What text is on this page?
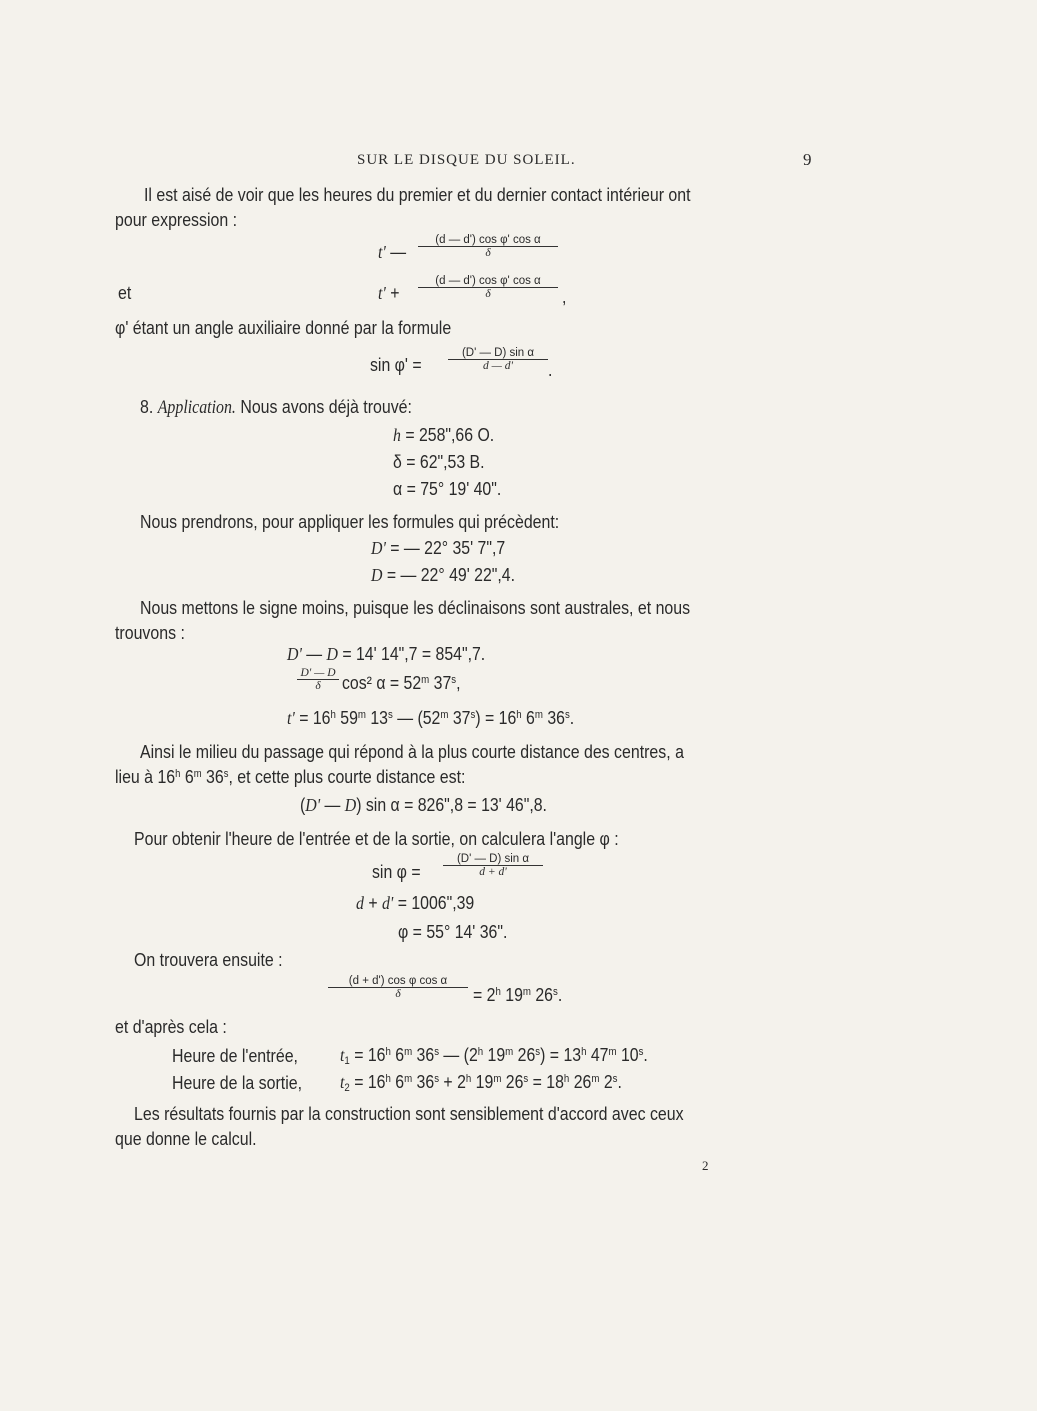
SUR LE DISQUE DU SOLEIL.	9
Il est aisé de voir que les heures du premier et du dernier contact intérieur ont
pour expression :
t' — $\frac{\text{(d — d') cos φ' cos α}}{\delta}$
et	$t' + \frac{\text{(d — d') cos φ' cos α}}{\delta}$ ,
φ' étant un angle auxiliaire donné par la formule
$\sin \varphi' = \frac{\text{(D' — D) sin α}}{d — d'}$ .
8. Application. Nous avons déjà trouvé:
h = 258",66 O.
δ = 62",53 B.
α = 75° 19' 40".
Nous prendrons, pour appliquer les formules qui précèdent:
D' = — 22° 35' 7",7
D = — 22° 49' 22",4.
Nous mettons le signe moins, puisque les déclinaisons sont australes, et nous
trouvons :
D' — D = 14' 14",7 = 854",7.
$\frac{D' — D}{\delta} \cos^2$ $\alpha = 52^m$ 37$^s$,
$t' = 16^h$ 59$^m$ 13$^s$ — (52$^m$ $37^s) = 16^h$ 6$^m$ 36$^s$.
Ainsi le milieu du passage qui répond à la plus courte distance des centres, a
lieu à 16$^h$ 6$^m$ 36$^s$, et cette plus courte distance est:
(D' — D) sin α = 826",8 = 13' 46",8.
Pour obtenir l'heure de l'entrée et de la sortie, on calculera l'angle φ :
$\sin \varphi = \frac{\text{(D' — D) sin α}}{d + d'}$
d + d' = 1006",39
φ = 55° 14' 36".
On trouvera ensuite :
$\frac{\text{(d + d') cos φ cos α}}{\delta} = 2^h$ 19$^m$ 26$^s$.
et d'après cela :
Heure de l'entrée, $t_1 = 16^h$ 6$^m$ 36$^s$ — (2$^h$ 19$^m$ $26^s) = 13^h$ 47$^m$ 10$^s$.
Heure de la sortie, $t_2 = 16^h$ 6$^m$ $36^s + 2^h$ 19$^m$ $26^s = 18^h$ 26$^m$ 2$^s$.
Les résultats fournis par la construction sont sensiblement d'accord avec ceux
que donne le calcul.
2
